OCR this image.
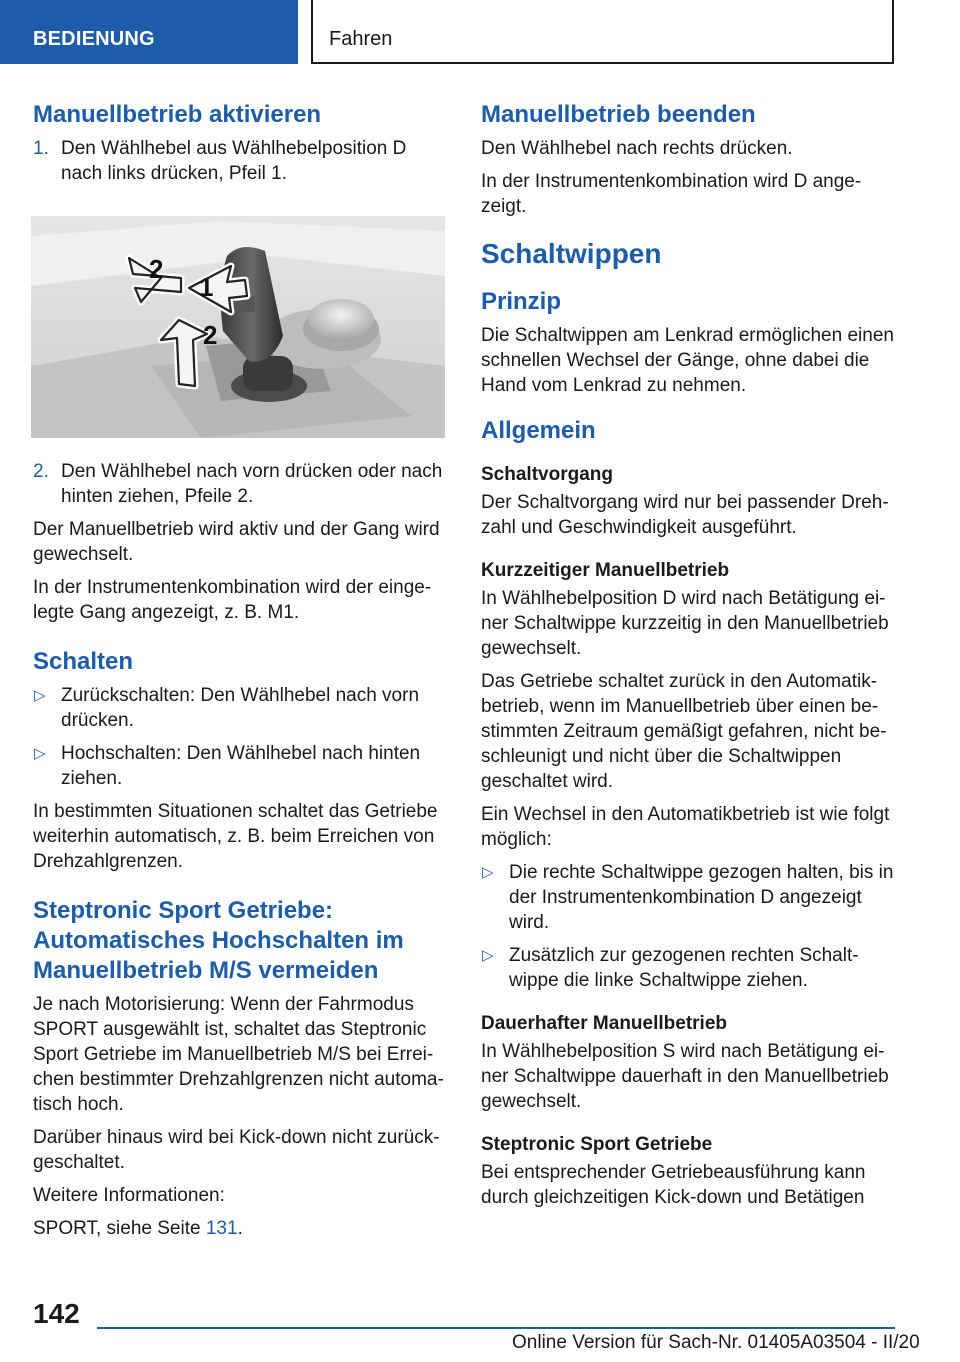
BEDIENUNG	Fahren
Manuellbetrieb aktivieren
1. Den Wählhebel aus Wählhebelposition D nach links drücken, Pfeil 1.
2
1
2
2. Den Wählhebel nach vorn drücken oder nach hinten ziehen, Pfeile 2.

Der Manuellbetrieb wird aktiv und der Gang wird gewechselt.

In der Instrumentenkombination wird der einge-legte Gang angezeigt, z. B. M1.

Schalten
▷ Zurückschalten: Den Wählhebel nach vorn drücken.
▷ Hochschalten: Den Wählhebel nach hinten ziehen.

In bestimmten Situationen schaltet das Getriebe weiterhin automatisch, z. B. beim Erreichen von Drehzahlgrenzen.

Steptronic Sport Getriebe: Automatisches Hochschalten im Manuellbetrieb M/S vermeiden

Je nach Motorisierung: Wenn der Fahrmodus SPORT ausgewählt ist, schaltet das Steptronic Sport Getriebe im Manuellbetrieb M/S bei Errei-chen bestimmter Drehzahlgrenzen nicht automa-tisch hoch.

Darüber hinaus wird bei Kick-down nicht zurück-geschaltet.

Weitere Informationen:

SPORT, siehe Seite 131.

Manuellbetrieb beenden

Den Wählhebel nach rechts drücken.

In der Instrumentenkombination wird D ange-zeigt.

Schaltwippen
Prinzip

Die Schaltwippen am Lenkrad ermöglichen einen schnellen Wechsel der Gänge, ohne dabei die Hand vom Lenkrad zu nehmen.

Allgemein
Schaltvorgang

Der Schaltvorgang wird nur bei passender Dreh-zahl und Geschwindigkeit ausgeführt.

Kurzzeitiger Manuellbetrieb

In Wählhebelposition D wird nach Betätigung ei-ner Schaltwippe kurzzeitig in den Manuellbetrieb gewechselt.

Das Getriebe schaltet zurück in den Automatik-betrieb, wenn im Manuellbetrieb über einen be-stimmten Zeitraum gemäßigt gefahren, nicht be-schleunigt und nicht über die Schaltwippen geschaltet wird.

Ein Wechsel in den Automatikbetrieb ist wie folgt möglich:

▷ Die rechte Schaltwippe gezogen halten, bis in der Instrumentenkombination D angezeigt wird.
▷ Zusätzlich zur gezogenen rechten Schalt-wippe die linke Schaltwippe ziehen.
Dauerhafter Manuellbetrieb

In Wählhebelposition S wird nach Betätigung ei-ner Schaltwippe dauerhaft in den Manuellbetrieb gewechselt.

Steptronic Sport Getriebe

Bei entsprechender Getriebeausführung kann durch gleichzeitigen Kick-down und Betätigen

142
Online Version für Sach-Nr. 01405A03504 - II/20
